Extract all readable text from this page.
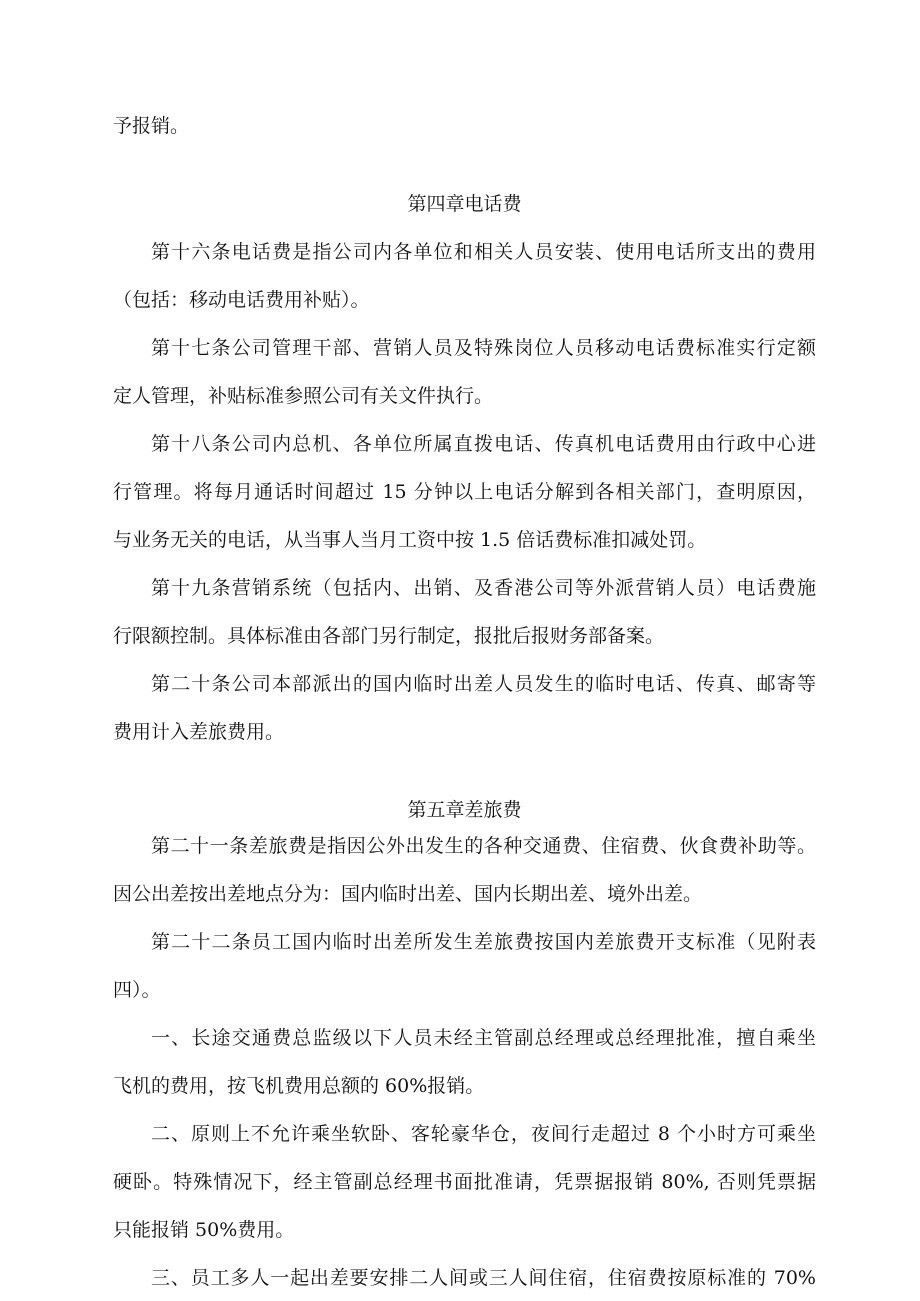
予报销。
第四章电话费
第十六条电话费是指公司内各单位和相关人员安装、使用电话所支出的费用
（包括：移动电话费用补贴）。
第十七条公司管理干部、营销人员及特殊岗位人员移动电话费标准实行定额
定人管理，补贴标准参照公司有关文件执行。
第十八条公司内总机、各单位所属直拨电话、传真机电话费用由行政中心进
行管理。将每月通话时间超过 15 分钟以上电话分解到各相关部门，查明原因，
与业务无关的电话，从当事人当月工资中按 1.5 倍话费标准扣减处罚。
第十九条营销系统（包括内、出销、及香港公司等外派营销人员）电话费施
行限额控制。具体标准由各部门另行制定，报批后报财务部备案。
第二十条公司本部派出的国内临时出差人员发生的临时电话、传真、邮寄等
费用计入差旅费用。
第五章差旅费
第二十一条差旅费是指因公外出发生的各种交通费、住宿费、伙食费补助等。
因公出差按出差地点分为：国内临时出差、国内长期出差、境外出差。
第二十二条员工国内临时出差所发生差旅费按国内差旅费开支标准（见附表
四）。
一、长途交通费总监级以下人员未经主管副总经理或总经理批准，擅自乘坐
飞机的费用，按飞机费用总额的 60%报销。
二、原则上不允许乘坐软卧、客轮豪华仓，夜间行走超过 8 个小时方可乘坐
硬卧。特殊情况下，经主管副总经理书面批准请，凭票据报销 80%, 否则凭票据
只能报销 50%费用。
三、员工多人一起出差要安排二人间或三人间住宿，住宿费按原标准的 70%
